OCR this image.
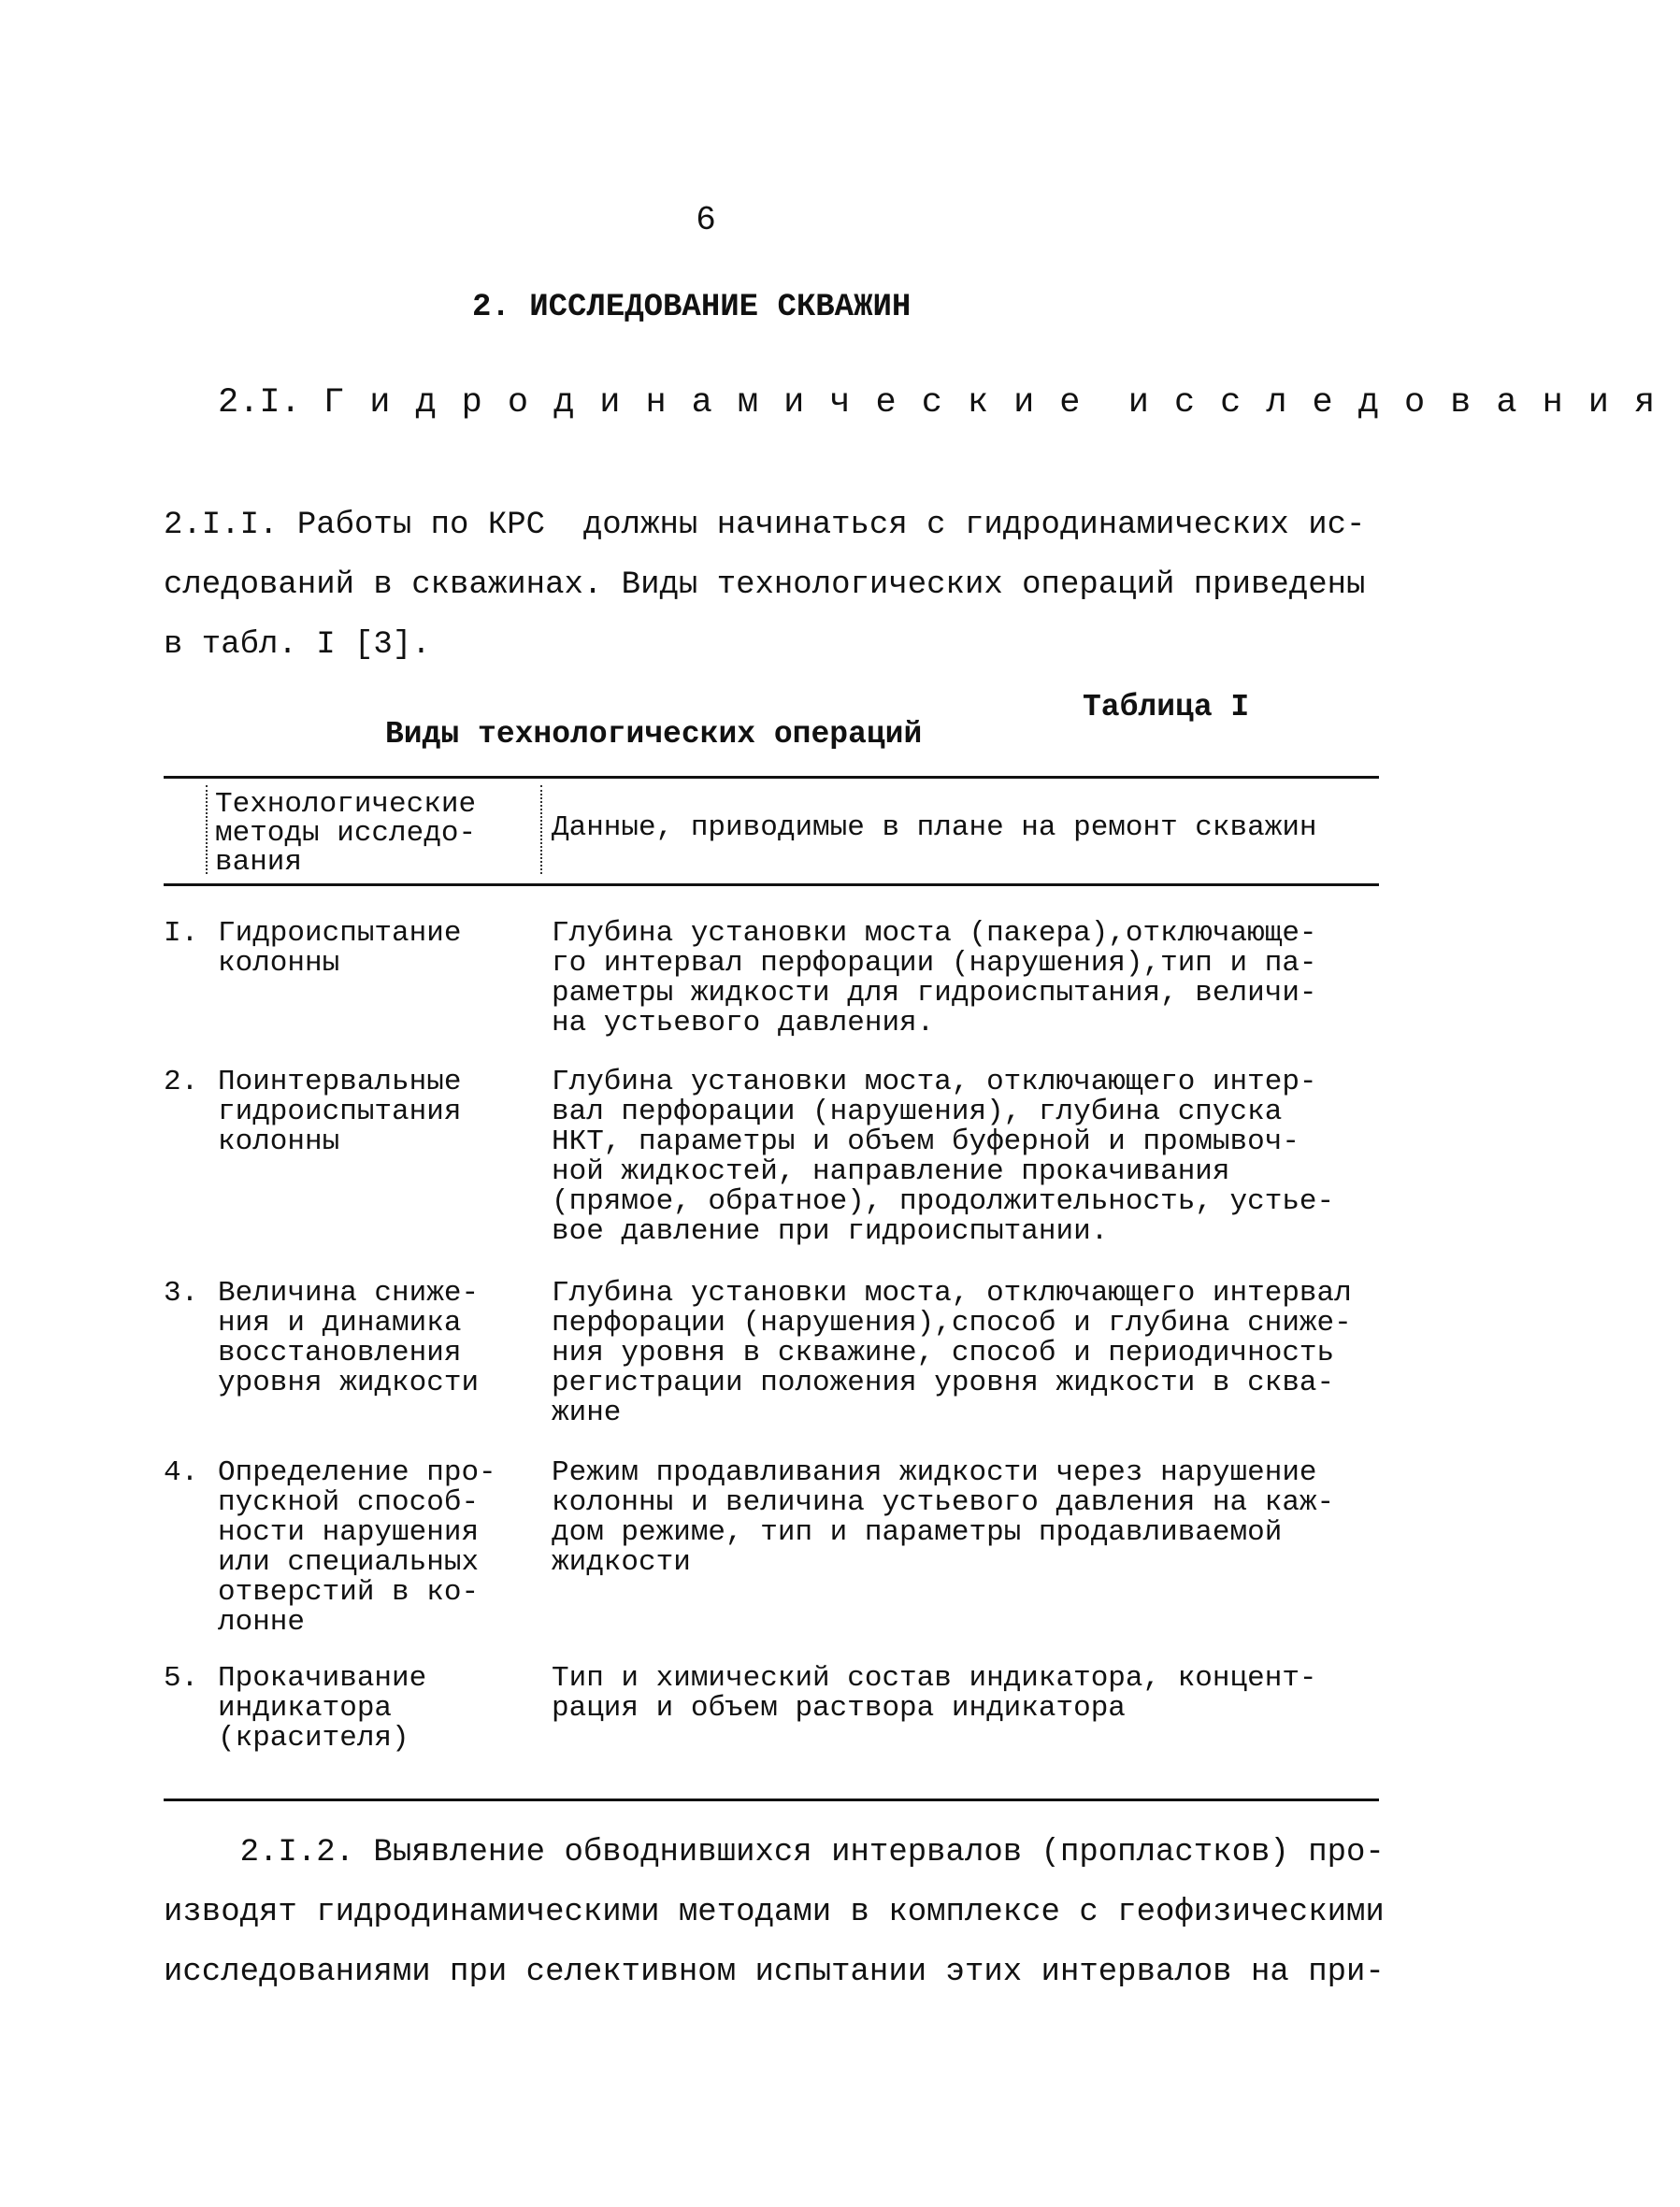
6
2. ИССЛЕДОВАНИЕ СКВАЖИН
2.I. Гидродинамические исследования
2.I.I. Работы по КРС  должны начинаться с гидродинамических ис-
следований в скважинах. Виды технологических операций приведены
в табл. I [3].
Таблица I
Виды технологических операций
Технологические
методы исследо-
вания
Данные, приводимые в плане на ремонт скважин
I. Гидроиспытание
колонны
Глубина установки моста (пакера),отключающе-
го интервал перфорации (нарушения),тип и па-
раметры жидкости для гидроиспытания, величи-
на устьевого давления.
2. Поинтервальные
гидроиспытания
колонны
Глубина установки моста, отключающего интер-
вал перфорации (нарушения), глубина спуска
НКТ, параметры и объем буферной и промывоч-
ной жидкостей, направление прокачивания
(прямое, обратное), продолжительность, устье-
вое давление при гидроиспытании.
3. Величина сниже-
ния и динамика
восстановления
уровня жидкости
Глубина установки моста, отключающего интервал
перфорации (нарушения),способ и глубина сниже-
ния уровня в скважине, способ и периодичность
регистрации положения уровня жидкости в сква-
жине
4. Определение про-
пускной способ-
ности нарушения
или специальных
отверстий в ко-
лонне
Режим продавливания жидкости через нарушение
колонны и величина устьевого давления на каж-
дом режиме, тип и параметры продавливаемой
жидкости
5. Прокачивание
индикатора
(красителя)
Тип и химический состав индикатора, концент-
рация и объем раствора индикатора
2.I.2. Выявление обводнившихся интервалов (пропластков) про-
изводят гидродинамическими методами в комплексе с геофизическими
исследованиями при селективном испытании этих интервалов на при-
